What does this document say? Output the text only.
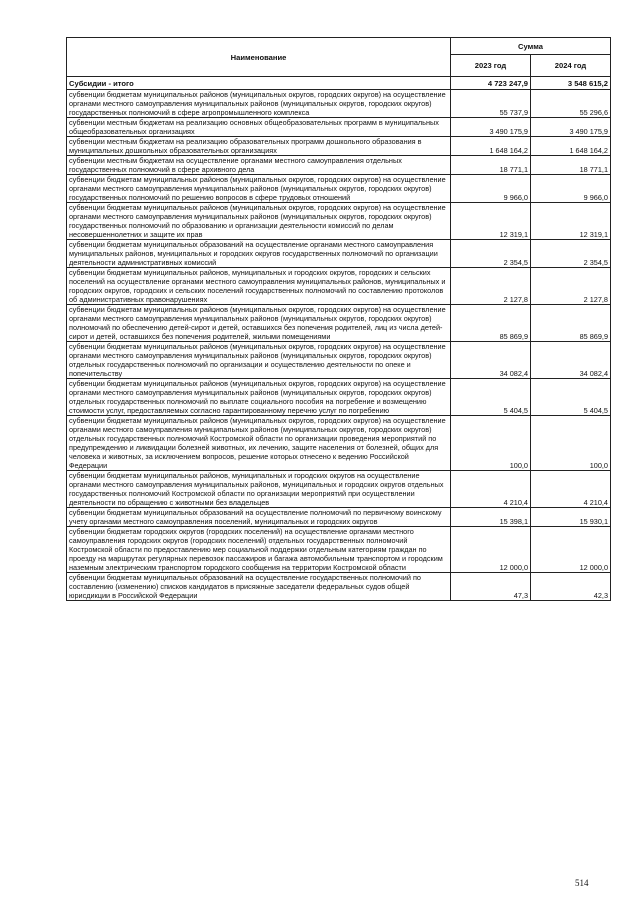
Наименование	Сумма	
	2023 год	2024 год
Субсидии - итого	4 723 247,9	3 548 615,2
субвенции бюджетам муниципальных районов (муниципальных округов, городских округов) на осуществление органами местного самоуправления муниципальных районов (муниципальных округов, городских округов) государственных полномочий в сфере агропромышленного комплекса	55 737,9	55 296,6
субвенции местным бюджетам на реализацию основных общеобразовательных программ в муниципальных общеобразовательных организациях	3 490 175,9	3 490 175,9
субвенции местным бюджетам на реализацию образовательных программ дошкольного образования в муниципальных дошкольных образовательных организациях	1 648 164,2	1 648 164,2
субвенции местным бюджетам на осуществление органами местного самоуправления отдельных государственных полномочий в сфере архивного дела	18 771,1	18 771,1
субвенции бюджетам муниципальных районов (муниципальных округов, городских округов) на осуществление органами местного самоуправления муниципальных районов (муниципальных округов, городских округов) государственных полномочий по решению вопросов в сфере трудовых отношений	9 966,0	9 966,0
субвенции бюджетам муниципальных районов (муниципальных округов, городских округов) на осуществление органами местного самоуправления муниципальных районов (муниципальных округов, городских округов) государственных полномочий по образованию и организации деятельности комиссий по делам несовершеннолетних и защите их прав	12 319,1	12 319,1
субвенции бюджетам муниципальных образований на осуществление органами местного самоуправления муниципальных районов, муниципальных и городских округов государственных полномочий по организации деятельности административных комиссий	2 354,5	2 354,5
субвенции бюджетам муниципальных районов, муниципальных и городских округов, городских и сельских поселений на осуществление органами местного самоуправления муниципальных районов, муниципальных и городских округов, городских и сельских поселений государственных полномочий по составлению протоколов об административных правонарушениях	2 127,8	2 127,8
субвенции бюджетам муниципальных районов (муниципальных округов, городских округов) на осуществление органами местного самоуправления муниципальных районов (муниципальных округов, городских округов) полномочий по обеспечению детей-сирот и детей, оставшихся без попечения родителей, лиц из числа детей-сирот и детей, оставшихся без попечения родителей, жилыми помещениями	85 869,9	85 869,9
субвенции бюджетам муниципальных районов (муниципальных округов, городских округов) на осуществление органами местного самоуправления муниципальных районов (муниципальных округов, городских округов) отдельных государственных полномочий по организации и осуществлению деятельности по опеке и попечительству	34 082,4	34 082,4
субвенции бюджетам муниципальных районов (муниципальных округов, городских округов) на осуществление органами местного самоуправления муниципальных районов (муниципальных округов, городских округов) отдельных государственных полномочий по выплате социального пособия на погребение и возмещению стоимости услуг, предоставляемых согласно гарантированному перечню услуг по погребению	5 404,5	5 404,5
субвенции бюджетам муниципальных районов (муниципальных округов, городских округов) на осуществление органами местного самоуправления муниципальных районов (муниципальных округов, городских округов) отдельных государственных полномочий Костромской области по организации проведения мероприятий по предупреждению и ликвидации болезней животных, их лечению, защите населения от болезней, общих для человека и животных, за исключением вопросов, решение которых отнесено к ведению Российской Федерации	100,0	100,0
субвенции бюджетам муниципальных районов, муниципальных и городских округов на осуществление органами местного самоуправления муниципальных районов, муниципальных и городских округов отдельных государственных полномочий Костромской области по организации мероприятий при осуществлении деятельности по обращению с животными без владельцев	4 210,4	4 210,4
субвенции бюджетам муниципальных образований на осуществление полномочий по первичному воинскому учету органами местного самоуправления поселений, муниципальных и городских округов	15 398,1	15 930,1
субвенции бюджетам городских округов (городских поселений) на осуществление органами местного самоуправления городских округов (городских поселений) отдельных государственных полномочий Костромской области по предоставлению мер социальной поддержки отдельным категориям граждан по проезду на маршрутах регулярных перевозок пассажиров и багажа автомобильным транспортом и городским наземным электрическим транспортом городского сообщения на территории Костромской области	12 000,0	12 000,0
субвенции бюджетам муниципальных образований на осуществление государственных полномочий по составлению (изменению) списков кандидатов в присяжные заседатели федеральных судов общей юрисдикции в Российской Федерации	47,3	42,3
514
